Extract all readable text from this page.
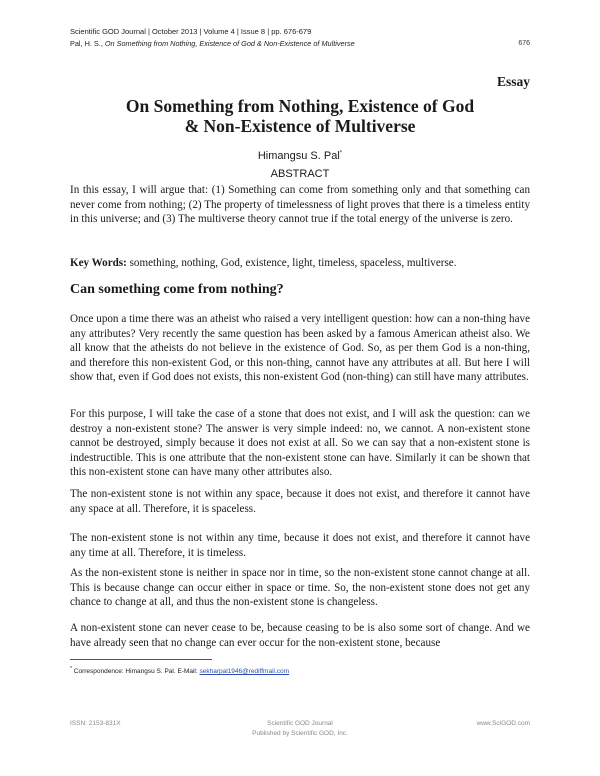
Scientific GOD Journal | October 2013 | Volume 4 | Issue 8 | pp. 676-679
Pal, H. S., On Something from Nothing, Existence of God & Non-Existence of Multiverse	676
Essay
On Something from Nothing, Existence of God
& Non-Existence of Multiverse
Himangsu S. Pal*
ABSTRACT
In this essay, I will argue that: (1) Something can come from something only and that something can never come from nothing; (2) The property of timelessness of light proves that there is a timeless entity in this universe; and (3) The multiverse theory cannot true if the total energy of the universe is zero.
Key Words: something, nothing, God, existence, light, timeless, spaceless, multiverse.
Can something come from nothing?
Once upon a time there was an atheist who raised a very intelligent question: how can a non-thing have any attributes? Very recently the same question has been asked by a famous American atheist also. We all know that the atheists do not believe in the existence of God. So, as per them God is a non-thing, and therefore this non-existent God, or this non-thing, cannot have any attributes at all. But here I will show that, even if God does not exists, this non-existent God (non-thing) can still have many attributes.
For this purpose, I will take the case of a stone that does not exist, and I will ask the question: can we destroy a non-existent stone? The answer is very simple indeed: no, we cannot. A non-existent stone cannot be destroyed, simply because it does not exist at all. So we can say that a non-existent stone is indestructible. This is one attribute that the non-existent stone can have. Similarly it can be shown that this non-existent stone can have many other attributes also.
The non-existent stone is not within any space, because it does not exist, and therefore it cannot have any space at all. Therefore, it is spaceless.
The non-existent stone is not within any time, because it does not exist, and therefore it cannot have any time at all. Therefore, it is timeless.
As the non-existent stone is neither in space nor in time, so the non-existent stone cannot change at all. This is because change can occur either in space or time. So, the non-existent stone does not get any chance to change at all, and thus the non-existent stone is changeless.
A non-existent stone can never cease to be, because ceasing to be is also some sort of change. And we have already seen that no change can ever occur for the non-existent stone, because
* Correspondence: Himangsu S. Pal. E-Mail: sekharpal1946@rediffmail.com
ISSN: 2153-831X	Scientific GOD Journal
Published by Scientific GOD, Inc.
www.SciGOD.com
